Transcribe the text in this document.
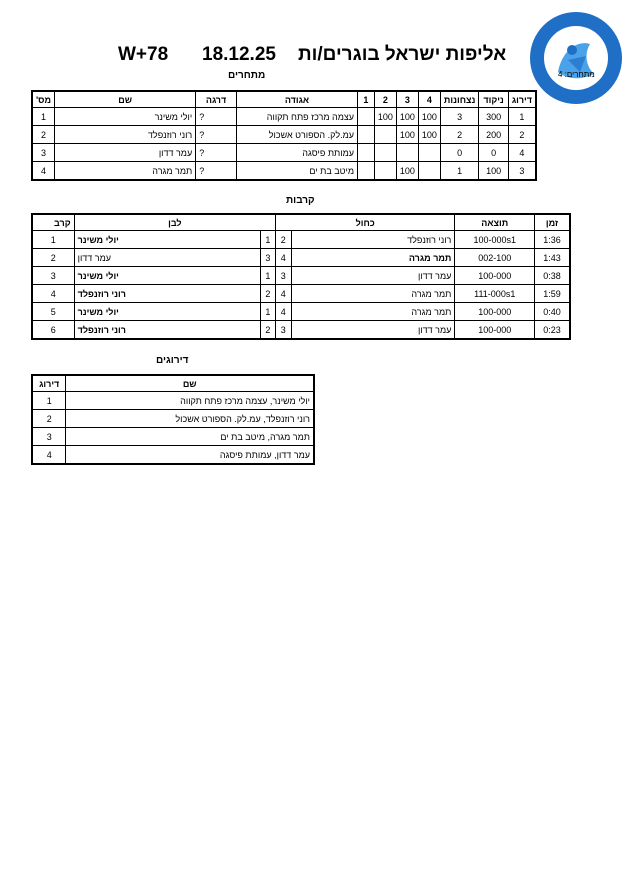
מתחרים: 4
אליפות ישראל בוגרים/ות
18.12.25
W+78
מתחרים
דירוג	ניקוד	נצחונות	4	3	2	1	אגודה	דרגה	שם	מס'
1	300	3	100	100	100		עצמה מרכז פתח תקווה	?	יולי משינר	1
2	200	2	100	100			עמ.לק. הספורט אשכול	?	רוני רוזנפלד	2
4	0	0					עמותת פיסגה	?	עמר דדון	3
3	100	1		100			מיטב בת ים	?	תמר מגרה	4
קרבות
זמן	תוצאה	כחול		לבן		קרב
1:36	100-000s1	רוני רוזנפלד	2	1	יולי משינר	1
1:43	002-100	תמר מגרה	4	3	עמר דדון	2
0:38	100-000	עמר דדון	3	1	יולי משינר	3
1:59	111-000s1	תמר מגרה	4	2	רוני רוזנפלד	4
0:40	100-000	תמר מגרה	4	1	יולי משינר	5
0:23	100-000	עמר דדון	3	2	רוני רוזנפלד	6
דירוגים
שם	דירוג
יולי משינר, עצמה מרכז פתח תקווה	1
רוני רוזנפלד, עמ.לק. הספורט אשכול	2
תמר מגרה, מיטב בת ים	3
עמר דדון, עמותת פיסגה	4
